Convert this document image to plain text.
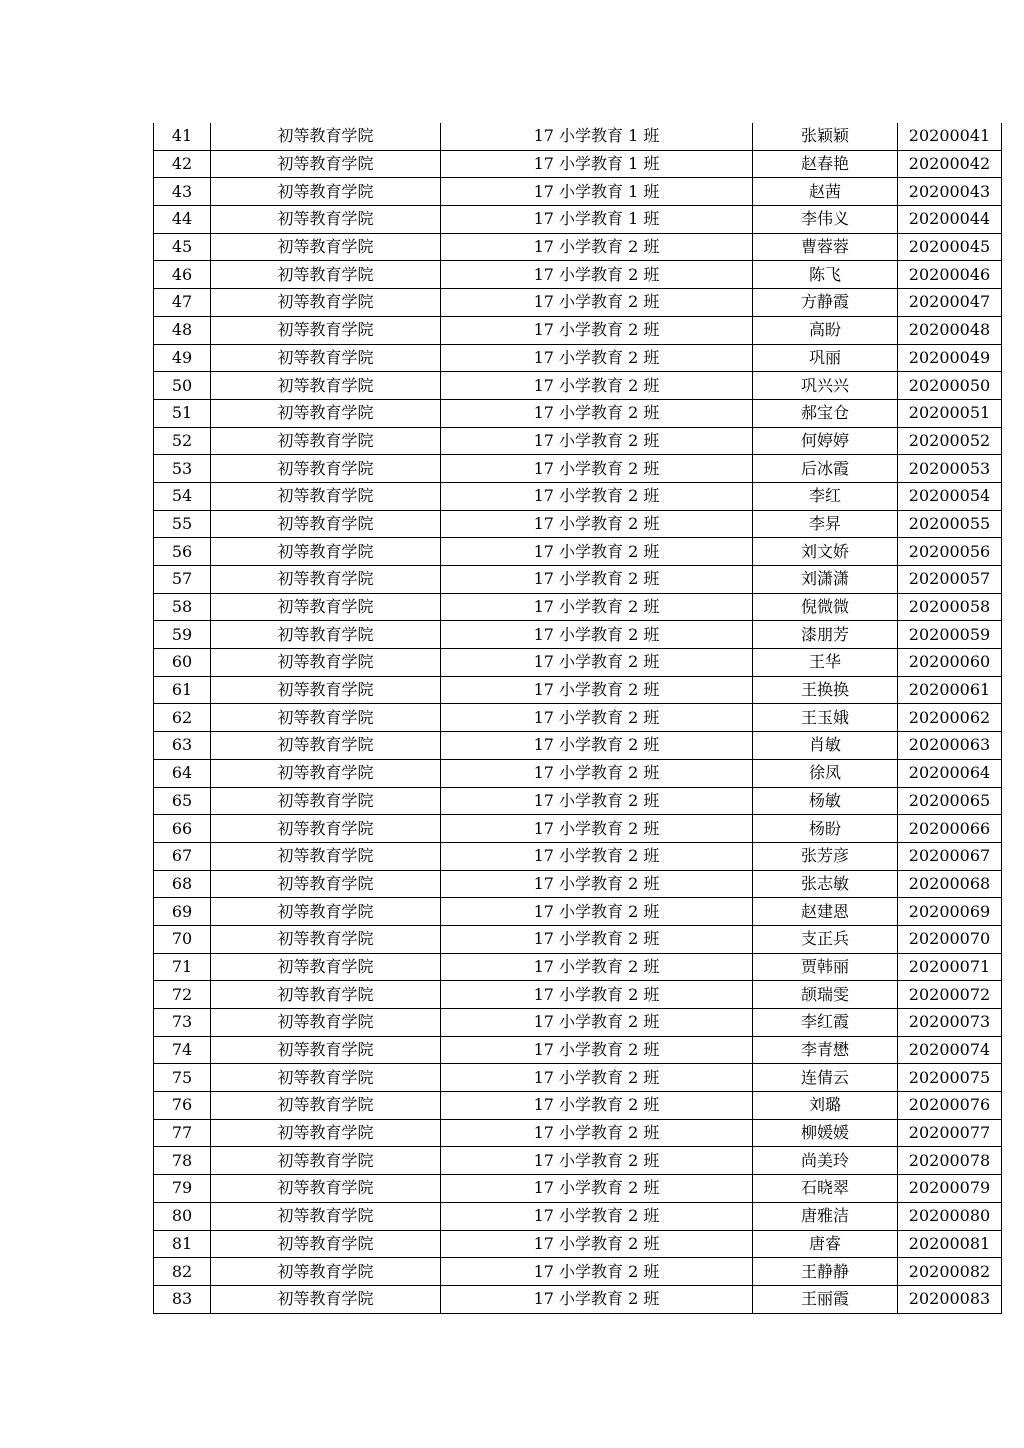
41	初等教育学院	17 小学教育 1 班	张颖颖	20200041
42	初等教育学院	17 小学教育 1 班	赵春艳	20200042
43	初等教育学院	17 小学教育 1 班	赵茜	20200043
44	初等教育学院	17 小学教育 1 班	李伟义	20200044
45	初等教育学院	17 小学教育 2 班	曹蓉蓉	20200045
46	初等教育学院	17 小学教育 2 班	陈飞	20200046
47	初等教育学院	17 小学教育 2 班	方静霞	20200047
48	初等教育学院	17 小学教育 2 班	高盼	20200048
49	初等教育学院	17 小学教育 2 班	巩丽	20200049
50	初等教育学院	17 小学教育 2 班	巩兴兴	20200050
51	初等教育学院	17 小学教育 2 班	郝宝仓	20200051
52	初等教育学院	17 小学教育 2 班	何婷婷	20200052
53	初等教育学院	17 小学教育 2 班	后冰霞	20200053
54	初等教育学院	17 小学教育 2 班	李红	20200054
55	初等教育学院	17 小学教育 2 班	李昇	20200055
56	初等教育学院	17 小学教育 2 班	刘文娇	20200056
57	初等教育学院	17 小学教育 2 班	刘潇潇	20200057
58	初等教育学院	17 小学教育 2 班	倪微微	20200058
59	初等教育学院	17 小学教育 2 班	漆朋芳	20200059
60	初等教育学院	17 小学教育 2 班	王华	20200060
61	初等教育学院	17 小学教育 2 班	王换换	20200061
62	初等教育学院	17 小学教育 2 班	王玉娥	20200062
63	初等教育学院	17 小学教育 2 班	肖敏	20200063
64	初等教育学院	17 小学教育 2 班	徐凤	20200064
65	初等教育学院	17 小学教育 2 班	杨敏	20200065
66	初等教育学院	17 小学教育 2 班	杨盼	20200066
67	初等教育学院	17 小学教育 2 班	张芳彦	20200067
68	初等教育学院	17 小学教育 2 班	张志敏	20200068
69	初等教育学院	17 小学教育 2 班	赵建恩	20200069
70	初等教育学院	17 小学教育 2 班	支正兵	20200070
71	初等教育学院	17 小学教育 2 班	贾韩丽	20200071
72	初等教育学院	17 小学教育 2 班	颉瑞雯	20200072
73	初等教育学院	17 小学教育 2 班	李红霞	20200073
74	初等教育学院	17 小学教育 2 班	李青懋	20200074
75	初等教育学院	17 小学教育 2 班	连倩云	20200075
76	初等教育学院	17 小学教育 2 班	刘璐	20200076
77	初等教育学院	17 小学教育 2 班	柳媛媛	20200077
78	初等教育学院	17 小学教育 2 班	尚美玲	20200078
79	初等教育学院	17 小学教育 2 班	石晓翠	20200079
80	初等教育学院	17 小学教育 2 班	唐雅洁	20200080
81	初等教育学院	17 小学教育 2 班	唐睿	20200081
82	初等教育学院	17 小学教育 2 班	王静静	20200082
83	初等教育学院	17 小学教育 2 班	王丽霞	20200083
